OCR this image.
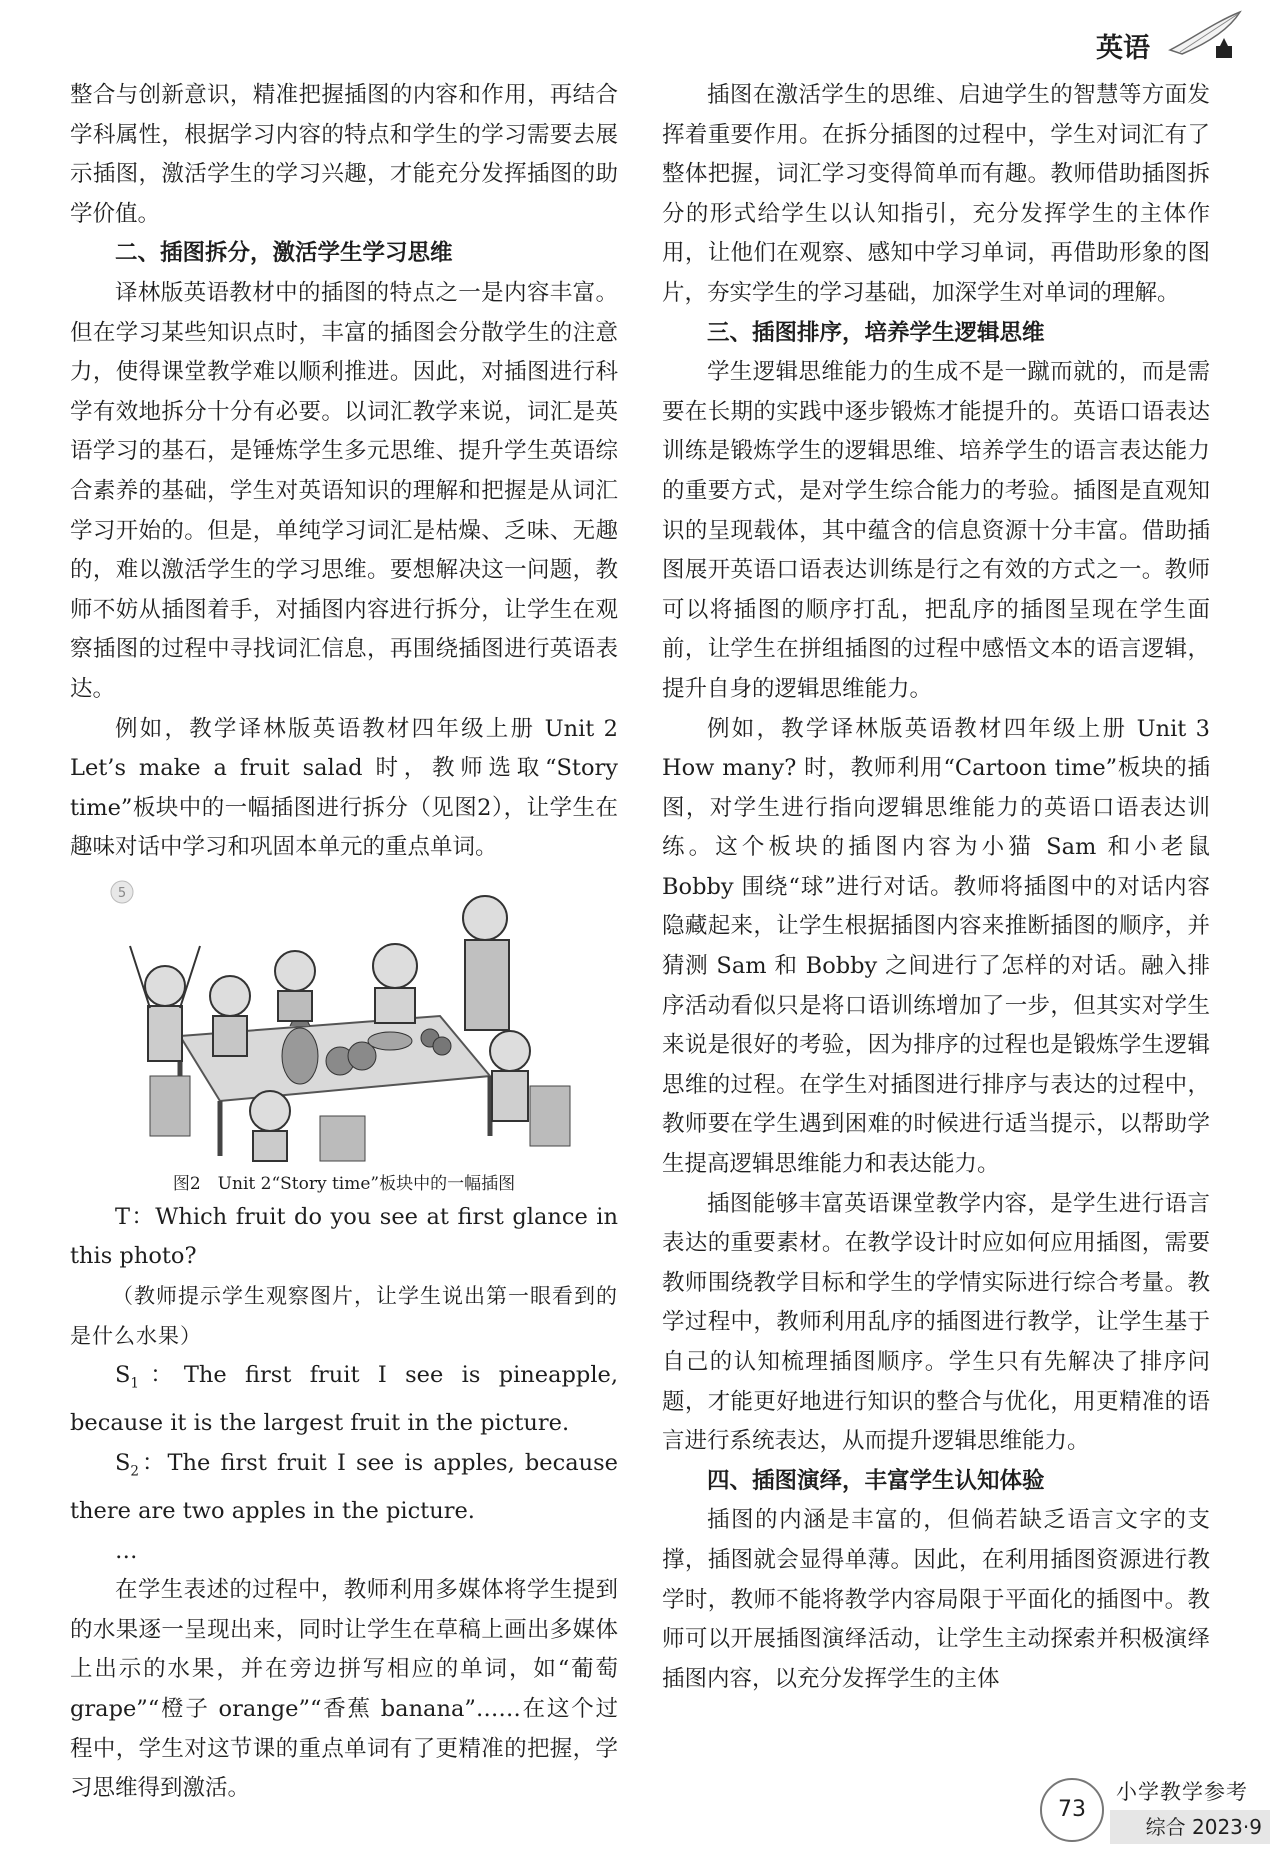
英语

整合与创新意识，精准把握插图的内容和作用，再结合学科属性，根据学习内容的特点和学生的学习需要去展示插图，激活学生的学习兴趣，才能充分发挥插图的助学价值。

二、插图拆分，激活学生学习思维

译林版英语教材中的插图的特点之一是内容丰富。但在学习某些知识点时，丰富的插图会分散学生的注意力，使得课堂教学难以顺利推进。因此，对插图进行科学有效地拆分十分有必要。以词汇教学来说，词汇是英语学习的基石，是锤炼学生多元思维、提升学生英语综合素养的基础，学生对英语知识的理解和把握是从词汇学习开始的。但是，单纯学习词汇是枯燥、乏味、无趣的，难以激活学生的学习思维。要想解决这一问题，教师不妨从插图着手，对插图内容进行拆分，让学生在观察插图的过程中寻找词汇信息，再围绕插图进行英语表达。

例如，教学译林版英语教材四年级上册 Unit 2 Let’s make a fruit salad 时，教师选取“Story time”板块中的一幅插图进行拆分（见图2），让学生在趣味对话中学习和巩固本单元的重点单词。

5

图2　Unit 2“Story time”板块中的一幅插图

T：Which fruit do you see at first glance in this photo?

（教师提示学生观察图片，让学生说出第一眼看到的是什么水果）

$S_1$：The first fruit I see is pineapple, because it is the largest fruit in the picture.

$S_2$：The first fruit I see is apples, because there are two apples in the picture.

…

在学生表述的过程中，教师利用多媒体将学生提到的水果逐一呈现出来，同时让学生在草稿上画出多媒体上出示的水果，并在旁边拼写相应的单词，如“葡萄 grape”“橙子 orange”“香蕉 banana”……在这个过程中，学生对这节课的重点单词有了更精准的把握，学习思维得到激活。

插图在激活学生的思维、启迪学生的智慧等方面发挥着重要作用。在拆分插图的过程中，学生对词汇有了整体把握，词汇学习变得简单而有趣。教师借助插图拆分的形式给学生以认知指引，充分发挥学生的主体作用，让他们在观察、感知中学习单词，再借助形象的图片，夯实学生的学习基础，加深学生对单词的理解。

三、插图排序，培养学生逻辑思维

学生逻辑思维能力的生成不是一蹴而就的，而是需要在长期的实践中逐步锻炼才能提升的。英语口语表达训练是锻炼学生的逻辑思维、培养学生的语言表达能力的重要方式，是对学生综合能力的考验。插图是直观知识的呈现载体，其中蕴含的信息资源十分丰富。借助插图展开英语口语表达训练是行之有效的方式之一。教师可以将插图的顺序打乱，把乱序的插图呈现在学生面前，让学生在拼组插图的过程中感悟文本的语言逻辑，提升自身的逻辑思维能力。

例如，教学译林版英语教材四年级上册 Unit 3 How many? 时，教师利用“Cartoon time”板块的插图，对学生进行指向逻辑思维能力的英语口语表达训练。这个板块的插图内容为小猫 Sam 和小老鼠 Bobby 围绕“球”进行对话。教师将插图中的对话内容隐藏起来，让学生根据插图内容来推断插图的顺序，并猜测 Sam 和 Bobby 之间进行了怎样的对话。融入排序活动看似只是将口语训练增加了一步，但其实对学生来说是很好的考验，因为排序的过程也是锻炼学生逻辑思维的过程。在学生对插图进行排序与表达的过程中，教师要在学生遇到困难的时候进行适当提示，以帮助学生提高逻辑思维能力和表达能力。

插图能够丰富英语课堂教学内容，是学生进行语言表达的重要素材。在教学设计时应如何应用插图，需要教师围绕教学目标和学生的学情实际进行综合考量。教学过程中，教师利用乱序的插图进行教学，让学生基于自己的认知梳理插图顺序。学生只有先解决了排序问题，才能更好地进行知识的整合与优化，用更精准的语言进行系统表达，从而提升逻辑思维能力。

四、插图演绎，丰富学生认知体验

插图的内涵是丰富的，但倘若缺乏语言文字的支撑，插图就会显得单薄。因此，在利用插图资源进行教学时，教师不能将教学内容局限于平面化的插图中。教师可以开展插图演绎活动，让学生主动探索并积极演绎插图内容，以充分发挥学生的主体

73
小学教学参考
综合 2023·9
